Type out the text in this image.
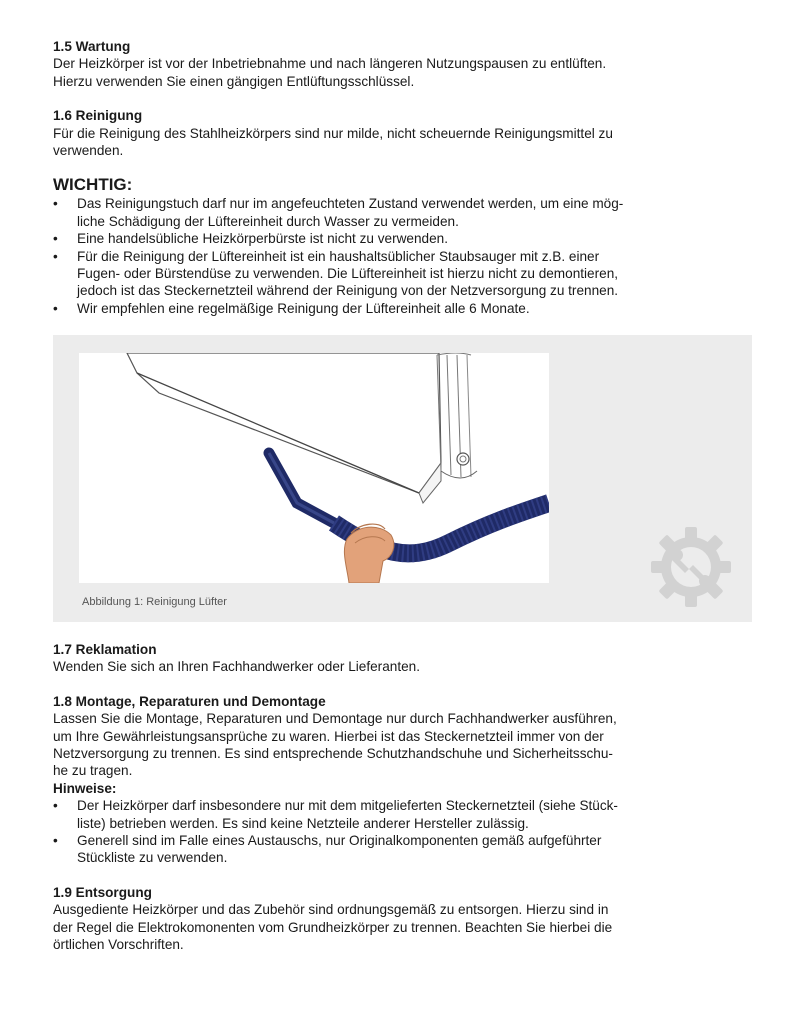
1.5 Wartung

Der Heizkörper ist vor der Inbetriebnahme und nach längeren Nutzungspausen zu entlüften.

Hierzu verwenden Sie einen gängigen Entlüftungsschlüssel.

1.6 Reinigung

Für die Reinigung des Stahlheizkörpers sind nur milde, nicht scheuernde Reinigungsmittel zu

verwenden.

WICHTIG:
• Das Reinigungstuch darf nur im angefeuchteten Zustand verwendet werden, um eine mög-
liche Schädigung der Lüftereinheit durch Wasser zu vermeiden.
• Eine handelsübliche Heizkörperbürste ist nicht zu verwenden.
• Für die Reinigung der Lüftereinheit ist ein haushaltsüblicher Staubsauger mit z.B. einer
Fugen- oder Bürstendüse zu verwenden. Die Lüftereinheit ist hierzu nicht zu demontieren,
jedoch ist das Steckernetzteil während der Reinigung von der Netzversorgung zu trennen.
• Wir empfehlen eine regelmäßige Reinigung der Lüftereinheit alle 6 Monate.
Abbildung 1: Reinigung Lüfter
1.7 Reklamation

Wenden Sie sich an Ihren Fachhandwerker oder Lieferanten.

1.8 Montage, Reparaturen und Demontage

Lassen Sie die Montage, Reparaturen und Demontage nur durch Fachhandwerker ausführen,

um Ihre Gewährleistungsansprüche zu waren. Hierbei ist das Steckernetzteil immer von der

Netzversorgung zu trennen. Es sind entsprechende Schutzhandschuhe und Sicherheitsschu-

he zu tragen.

Hinweise:
• Der Heizkörper darf insbesondere nur mit dem mitgelieferten Steckernetzteil (siehe Stück-
liste) betrieben werden. Es sind keine Netzteile anderer Hersteller zulässig.
• Generell sind im Falle eines Austauschs, nur Originalkomponenten gemäß aufgeführter
Stückliste zu verwenden.
1.9 Entsorgung

Ausgediente Heizkörper und das Zubehör sind ordnungsgemäß zu entsorgen. Hierzu sind in

der Regel die Elektrokomonenten vom Grundheizkörper zu trennen. Beachten Sie hierbei die

örtlichen Vorschriften.
